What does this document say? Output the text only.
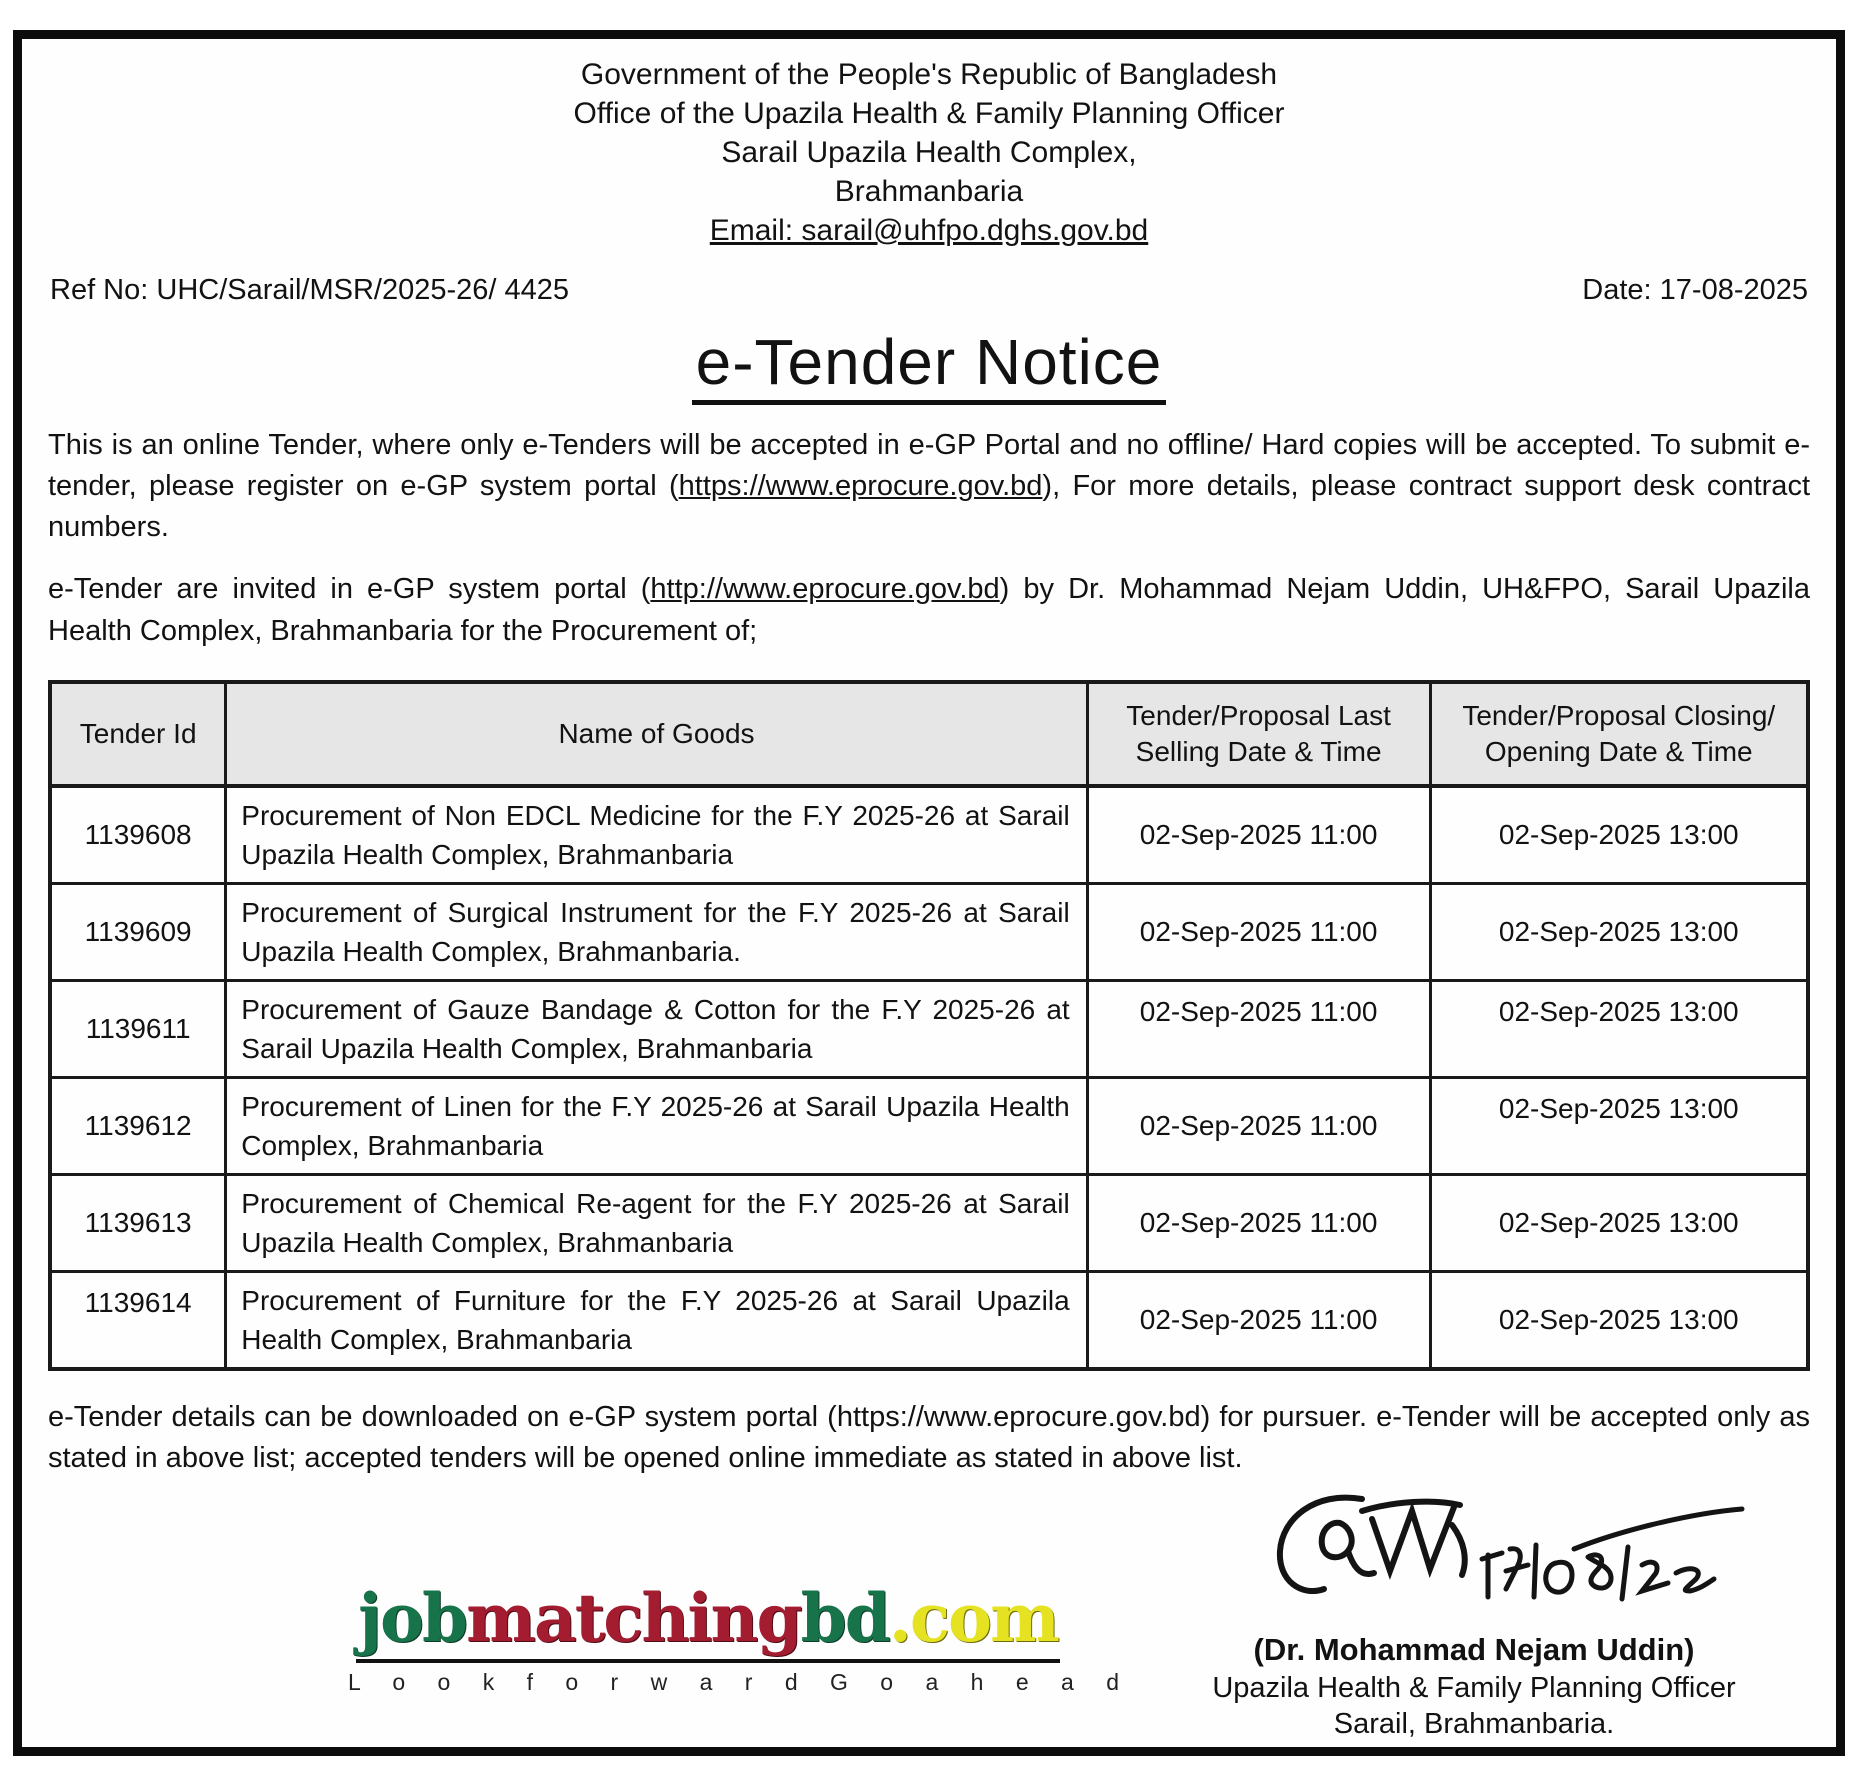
Government of the People's Republic of Bangladesh
Office of the Upazila Health & Family Planning Officer
Sarail Upazila Health Complex,
Brahmanbaria
Email: sarail@uhfpo.dghs.gov.bd
Ref No: UHC/Sarail/MSR/2025-26/ 4425	Date: 17-08-2025
e-Tender Notice
This is an online Tender, where only e-Tenders will be accepted in e-GP Portal and no offline/ Hard copies will be accepted. To submit e-tender, please register on e-GP system portal (https://www.eprocure.gov.bd), For more details, please contract support desk contract numbers.
e-Tender are invited in e-GP system portal (http://www.eprocure.gov.bd) by Dr. Mohammad Nejam Uddin, UH&FPO, Sarail Upazila Health Complex, Brahmanbaria for the Procurement of;
Tender Id	Name of Goods	Tender/Proposal Last Selling Date & Time	Tender/Proposal Closing/ Opening Date & Time
1139608	Procurement of Non EDCL Medicine for the F.Y 2025-26 at Sarail Upazila Health Complex, Brahmanbaria	02-Sep-2025 11:00	02-Sep-2025 13:00
1139609	Procurement of Surgical Instrument for the F.Y 2025-26 at Sarail Upazila Health Complex, Brahmanbaria.	02-Sep-2025 11:00	02-Sep-2025 13:00
1139611	Procurement of Gauze Bandage & Cotton for the F.Y 2025-26 at Sarail Upazila Health Complex, Brahmanbaria	02-Sep-2025 11:00	02-Sep-2025 13:00
1139612	Procurement of Linen for the F.Y 2025-26 at Sarail Upazila Health Complex, Brahmanbaria	02-Sep-2025 11:00	02-Sep-2025 13:00
1139613	Procurement of Chemical Re-agent for the F.Y 2025-26 at Sarail Upazila Health Complex, Brahmanbaria	02-Sep-2025 11:00	02-Sep-2025 13:00
1139614	Procurement of Furniture for the F.Y 2025-26 at Sarail Upazila Health Complex, Brahmanbaria	02-Sep-2025 11:00	02-Sep-2025 13:00
e-Tender details can be downloaded on e-GP system portal (https://www.eprocure.gov.bd) for pursuer. e-Tender will be accepted only as stated in above list; accepted tenders will be opened online immediate as stated in above list.
(Dr. Mohammad Nejam Uddin)
Upazila Health & Family Planning Officer
Sarail, Brahmanbaria.
jobmatchingbd.com
L o o k f o r w a r d G o a h e a d
